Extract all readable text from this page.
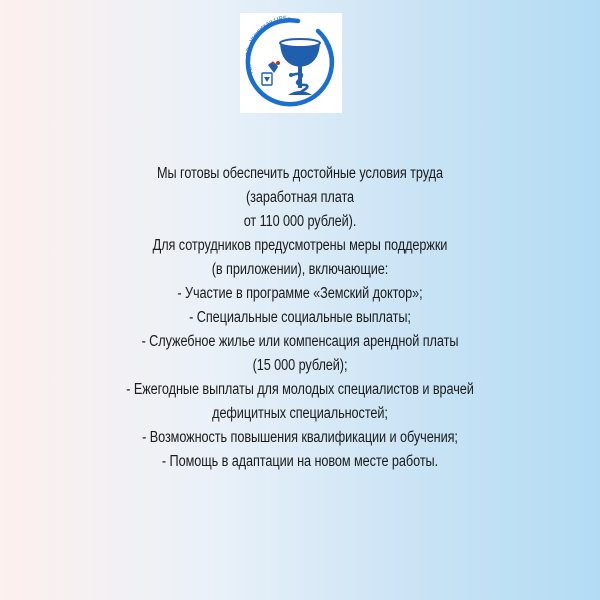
ГБУЗ ЯО «Угличская ЦРБ»
Мы готовы обеспечить достойные условия труда
(заработная плата
от 110 000 рублей).
Для сотрудников предусмотрены меры поддержки
(в приложении), включающие:
- Участие в программе «Земский доктор»;
- Специальные социальные выплаты;
- Служебное жилье или компенсация арендной платы
(15 000 рублей);
- Ежегодные выплаты для молодых специалистов и врачей
дефицитных специальностей;
- Возможность повышения квалификации и обучения;
- Помощь в адаптации на новом месте работы.
